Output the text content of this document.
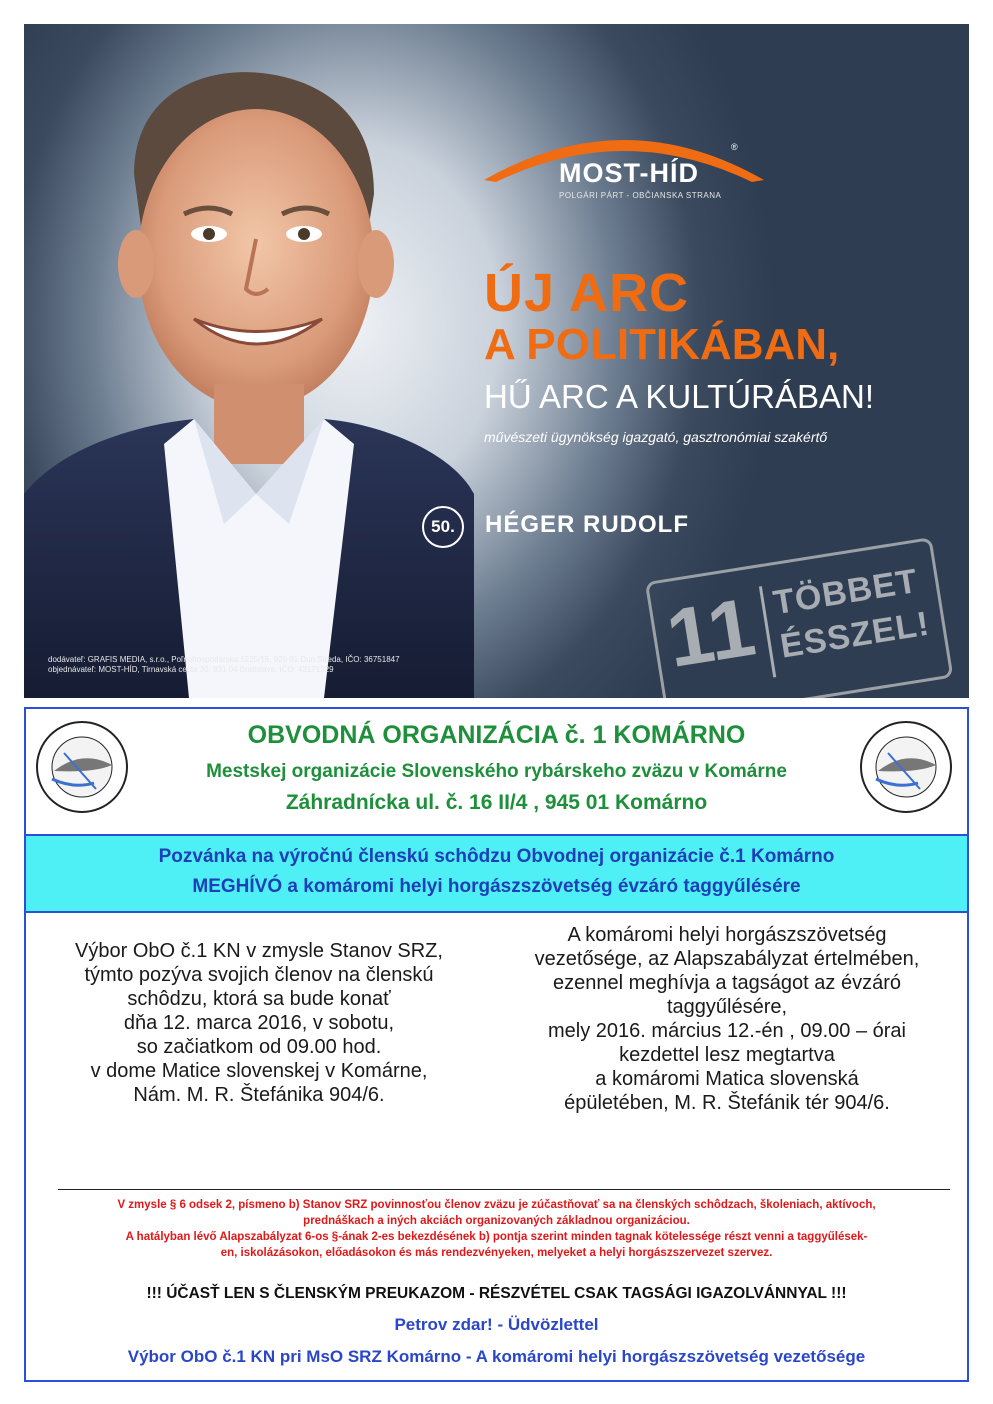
MOST-HÍD
POLGÁRI PÁRT - OBČIANSKA STRANA
®
ÚJ ARC
A POLITIKÁBAN,
HŰ ARC A KULTÚRÁBAN!
művészeti ügynökség igazgató, gasztronómiai szakértő
50.	HÉGER RUDOLF
11 TÖBBET
ÉSSZEL!
dodávateľ: GRAFIS MEDIA, s.r.o., Poľnohospodárska 1225/15, 929 01 Dun.Streda, IČO: 36751847
objednávateľ: MOST-HÍD, Tirnavská cesta 30, 831 04 Bratislava, IČO: 42171229
OBVODNÁ ORGANIZÁCIA č. 1 KOMÁRNO
Mestskej organizácie Slovenského rybárskeho zväzu v Komárne
Záhradnícka ul. č. 16 II/4 , 945 01 Komárno
Pozvánka na výročnú členskú schôdzu Obvodnej organizácie č.1 Komárno
MEGHÍVÓ a komáromi helyi horgászszövetség évzáró taggyűlésére
Výbor ObO č.1 KN v zmysle Stanov SRZ,
týmto pozýva svojich členov na členskú
schôdzu, ktorá sa bude konať
dňa 12. marca 2016, v sobotu,
so začiatkom od 09.00 hod.
v dome Matice slovenskej v Komárne,
Nám. M. R. Štefánika 904/6.
A komáromi helyi horgászszövetség
vezetősége, az Alapszabályzat értelmében,
ezennel meghívja a tagságot az évzáró
taggyűlésére,
mely 2016. március 12.-én , 09.00 – órai
kezdettel lesz megtartva
a komáromi Matica slovenská
épületében, M. R. Štefánik tér 904/6.
V zmysle § 6 odsek 2, písmeno b) Stanov SRZ povinnosťou členov zväzu je zúčastňovať sa na členských schôdzach, školeniach, aktívoch,
prednáškach a iných akciách organizovaných základnou organizáciou.
A hatályban lévő Alapszabályzat 6-os §-ának 2-es bekezdésének b) pontja szerint minden tagnak kötelessége részt venni a taggyűlések-
en, iskolázásokon, előadásokon és más rendezvényeken, melyeket a helyi horgászszervezet szervez.
!!! ÚČASŤ LEN S ČLENSKÝM PREUKAZOM - RÉSZVÉTEL CSAK TAGSÁGI IGAZOLVÁNNYAL !!!
Petrov zdar! - Üdvözlettel
Výbor ObO č.1 KN pri MsO SRZ Komárno - A komáromi helyi horgászszövetség vezetősége
